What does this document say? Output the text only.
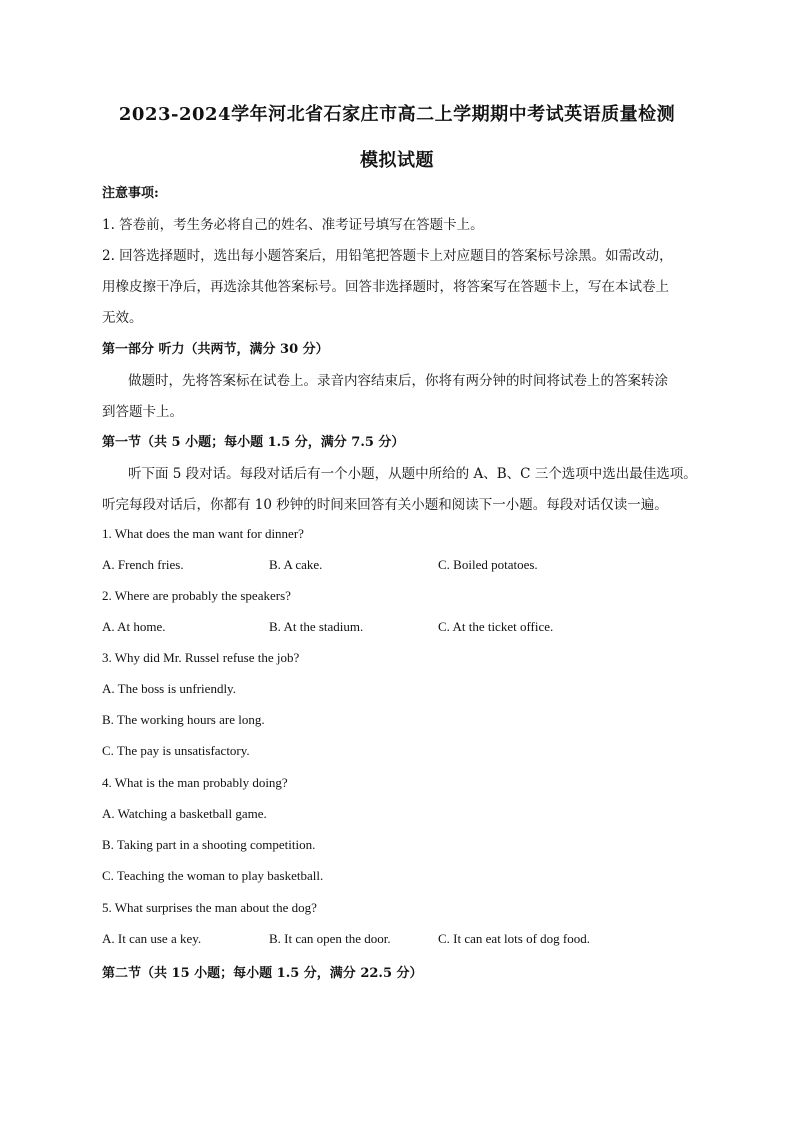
2023-2024学年河北省石家庄市高二上学期期中考试英语质量检测
模拟试题
注意事项:
1. 答卷前，考生务必将自己的姓名、准考证号填写在答题卡上。
2. 回答选择题时，选出每小题答案后，用铅笔把答题卡上对应题目的答案标号涂黑。如需改动，
用橡皮擦干净后，再选涂其他答案标号。回答非选择题时，将答案写在答题卡上，写在本试卷上
无效。
第一部分 听力（共两节，满分 30 分）
做题时，先将答案标在试卷上。录音内容结束后，你将有两分钟的时间将试卷上的答案转涂
到答题卡上。
第一节（共 5 小题；每小题 1.5 分，满分 7.5 分）
听下面 5 段对话。每段对话后有一个小题，从题中所给的 A、B、C 三个选项中选出最佳选项。
听完每段对话后，你都有 10 秒钟的时间来回答有关小题和阅读下一小题。每段对话仅读一遍。
1. What does the man want for dinner?
A. French fries.	B. A cake.	C. Boiled potatoes.
2. Where are probably the speakers?
A. At home.	B. At the stadium.	C. At the ticket office.
3. Why did Mr. Russel refuse the job?
A. The boss is unfriendly.
B. The working hours are long.
C. The pay is unsatisfactory.
4. What is the man probably doing?
A. Watching a basketball game.
B. Taking part in a shooting competition.
C. Teaching the woman to play basketball.
5. What surprises the man about the dog?
A. It can use a key.	B. It can open the door.	C. It can eat lots of dog food.
第二节（共 15 小题；每小题 1.5 分，满分 22.5 分）
